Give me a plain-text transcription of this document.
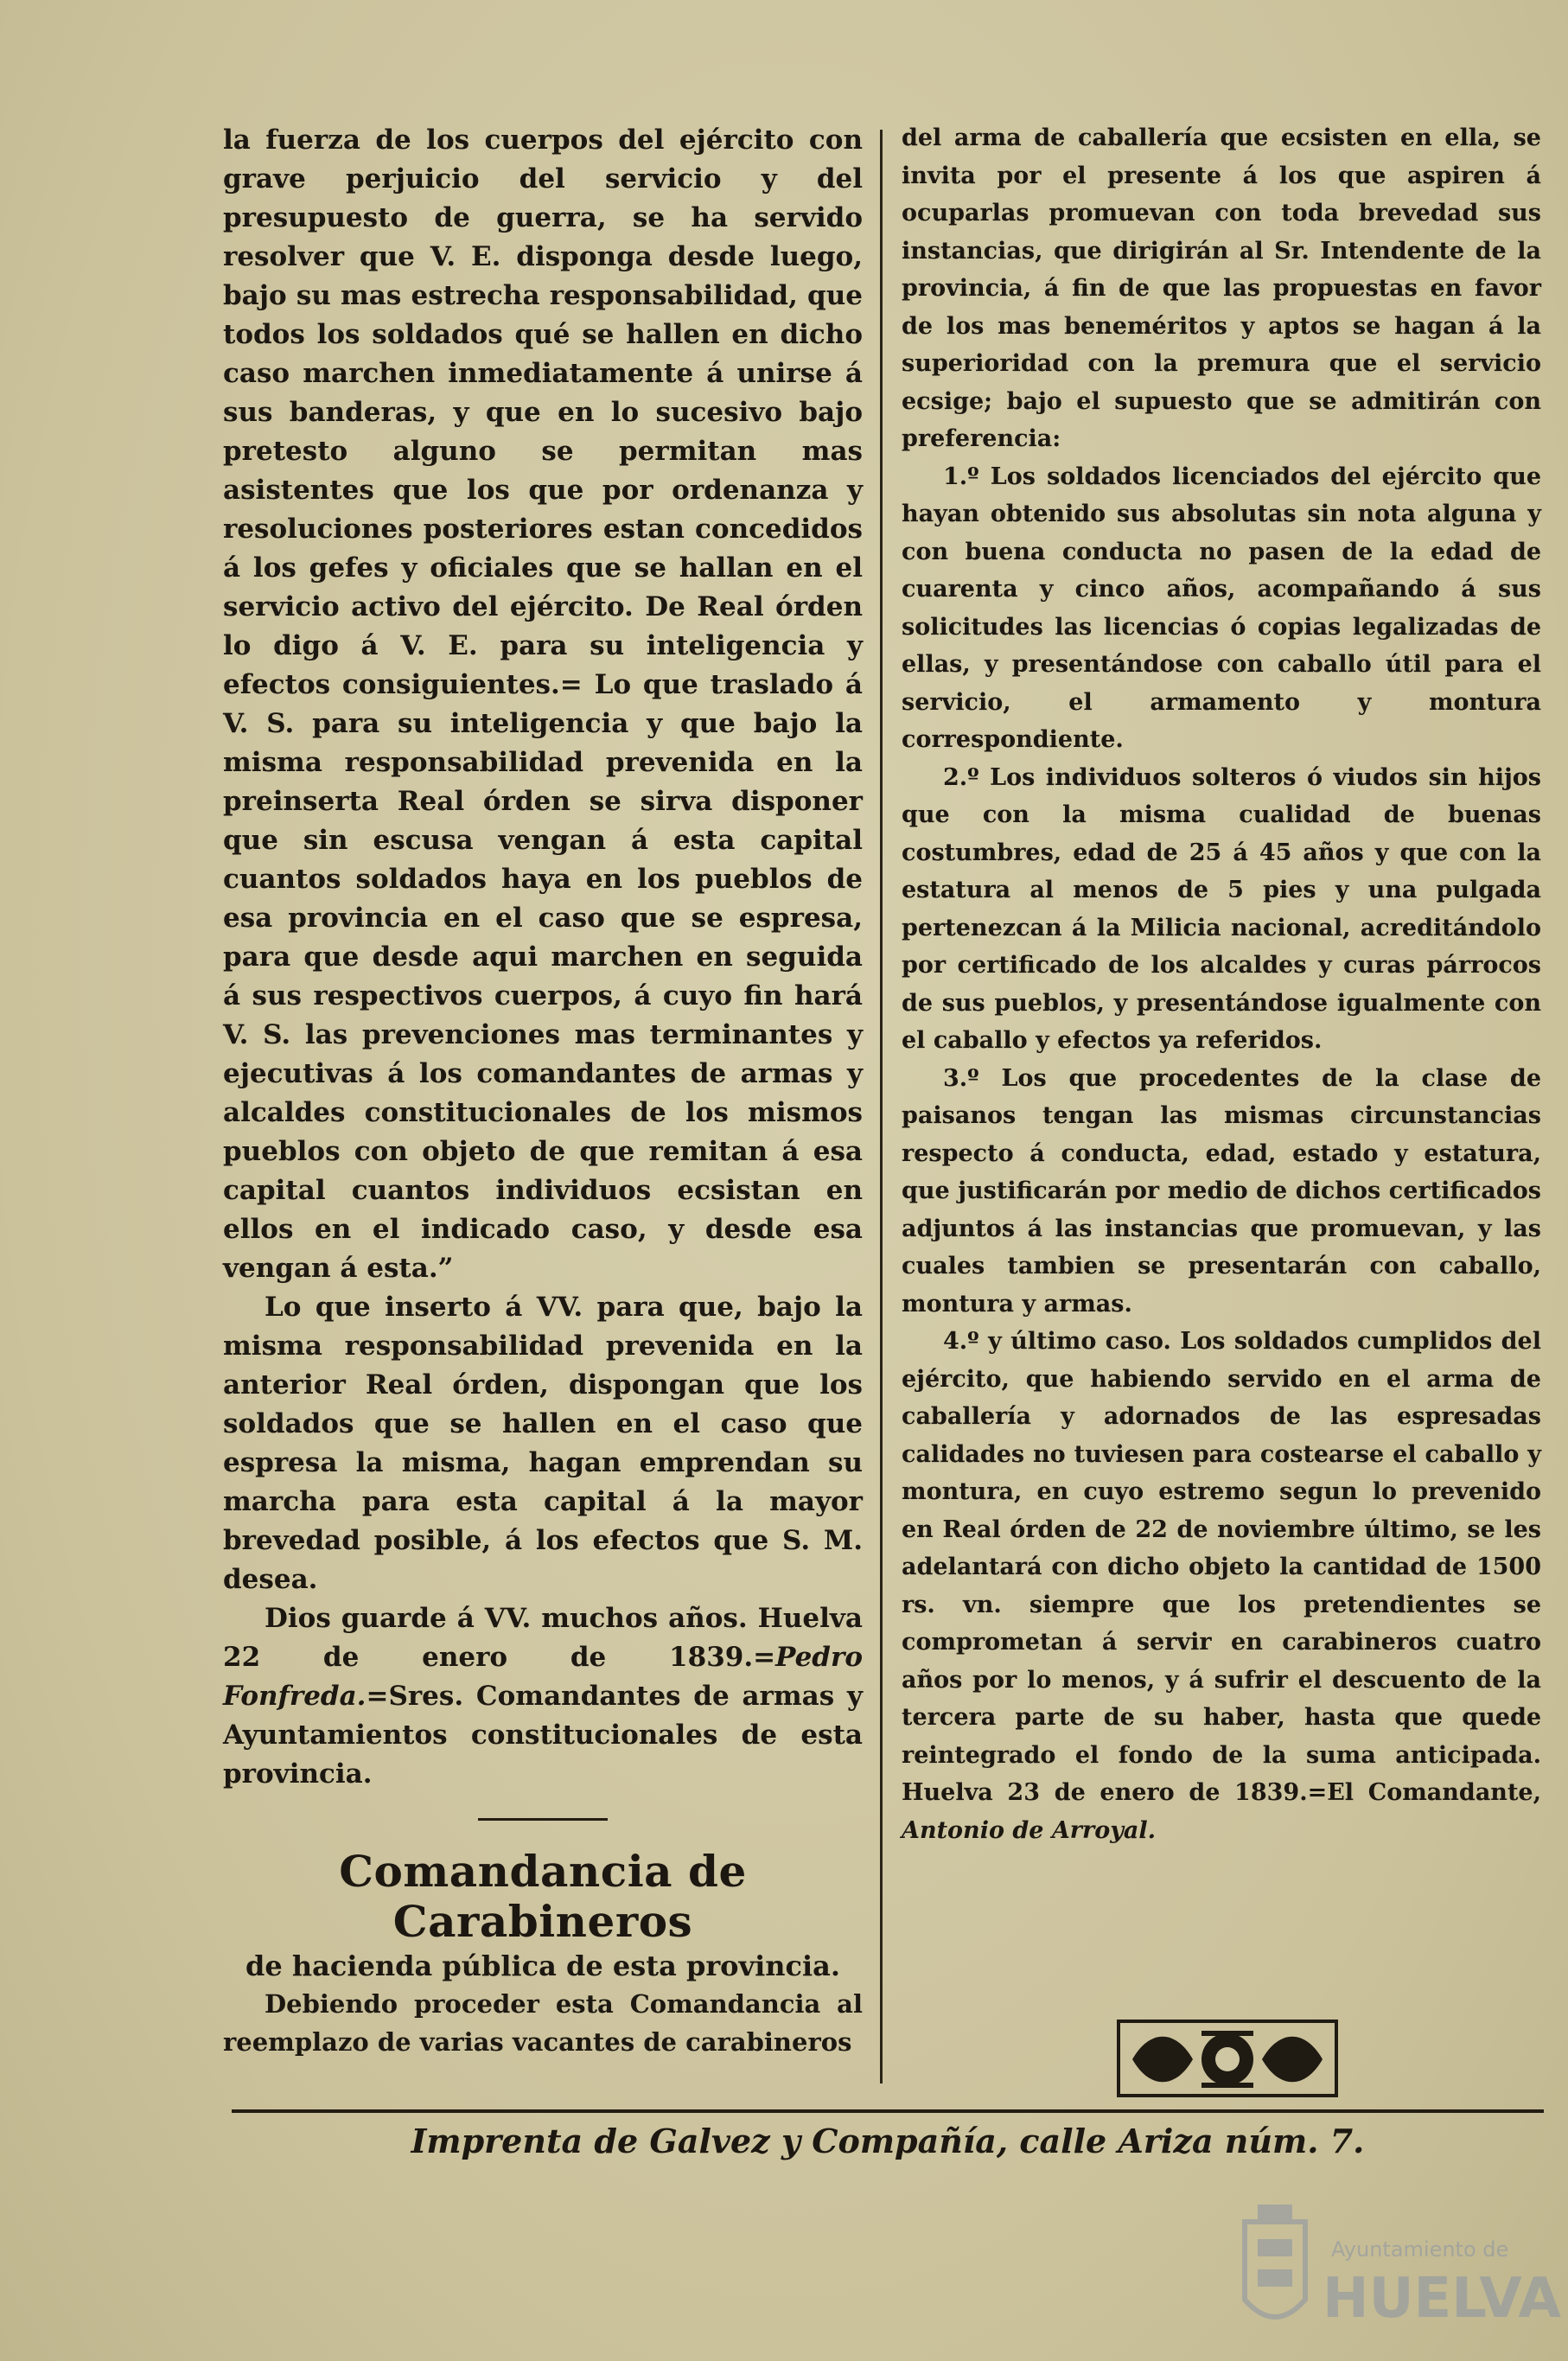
la fuerza de los cuerpos del ejército con grave perjuicio del servicio y del presupuesto de guerra, se ha servido resolver que V. E. disponga desde luego, bajo su mas estrecha responsabilidad, que todos los soldados qué se hallen en dicho caso marchen inmediatamente á unirse á sus banderas, y que en lo sucesivo bajo pretesto alguno se permitan mas asistentes que los que por ordenanza y resoluciones posteriores estan concedidos á los gefes y oficiales que se hallan en el servicio activo del ejército. De Real órden lo digo á V. E. para su inteligencia y efectos consiguientes.= Lo que traslado á V. S. para su inteligencia y que bajo la misma responsabilidad prevenida en la preinserta Real órden se sirva disponer que sin escusa vengan á esta capital cuantos soldados haya en los pueblos de esa provincia en el caso que se espresa, para que desde aqui marchen en seguida á sus respectivos cuerpos, á cuyo fin hará V. S. las prevenciones mas terminantes y ejecutivas á los comandantes de armas y alcaldes constitucionales de los mismos pueblos con objeto de que remitan á esa capital cuantos individuos ecsistan en ellos en el indicado caso, y desde esa vengan á esta.”

Lo que inserto á VV. para que, bajo la misma responsabilidad prevenida en la anterior Real órden, dispongan que los soldados que se hallen en el caso que espresa la misma, hagan emprendan su marcha para esta capital á la mayor brevedad posible, á los efectos que S. M. desea.

Dios guarde á VV. muchos años. Huelva 22 de enero de 1839.=Pedro Fonfreda.=Sres. Comandantes de armas y Ayuntamientos constitucionales de esta provincia.

Comandancia de Carabineros

de hacienda pública de esta provincia.

Debiendo proceder esta Comandancia al reemplazo de varias vacantes de carabineros

del arma de caballería que ecsisten en ella, se invita por el presente á los que aspiren á ocuparlas promuevan con toda brevedad sus instancias, que dirigirán al Sr. Intendente de la provincia, á fin de que las propuestas en favor de los mas beneméritos y aptos se hagan á la superioridad con la premura que el servicio ecsige; bajo el supuesto que se admitirán con preferencia:

1.º Los soldados licenciados del ejército que hayan obtenido sus absolutas sin nota alguna y con buena conducta no pasen de la edad de cuarenta y cinco años, acompañando á sus solicitudes las licencias ó copias legalizadas de ellas, y presentándose con caballo útil para el servicio, el armamento y montura correspondiente.

2.º Los individuos solteros ó viudos sin hijos que con la misma cualidad de buenas costumbres, edad de 25 á 45 años y que con la estatura al menos de 5 pies y una pulgada pertenezcan á la Milicia nacional, acreditándolo por certificado de los alcaldes y curas párrocos de sus pueblos, y presentándose igualmente con el caballo y efectos ya referidos.

3.º Los que procedentes de la clase de paisanos tengan las mismas circunstancias respecto á conducta, edad, estado y estatura, que justificarán por medio de dichos certificados adjuntos á las instancias que promuevan, y las cuales tambien se presentarán con caballo, montura y armas.

4.º y último caso. Los soldados cumplidos del ejército, que habiendo servido en el arma de caballería y adornados de las espresadas calidades no tuviesen para costearse el caballo y montura, en cuyo estremo segun lo prevenido en Real órden de 22 de noviembre último, se les adelantará con dicho objeto la cantidad de 1500 rs. vn. siempre que los pretendientes se comprometan á servir en carabineros cuatro años por lo menos, y á sufrir el descuento de la tercera parte de su haber, hasta que quede reintegrado el fondo de la suma anticipada. Huelva 23 de enero de 1839.=El Comandante, Antonio de Arroyal.

Imprenta de Galvez y Compañía, calle Ariza núm. 7.
Ayuntamiento de
HUELVA
